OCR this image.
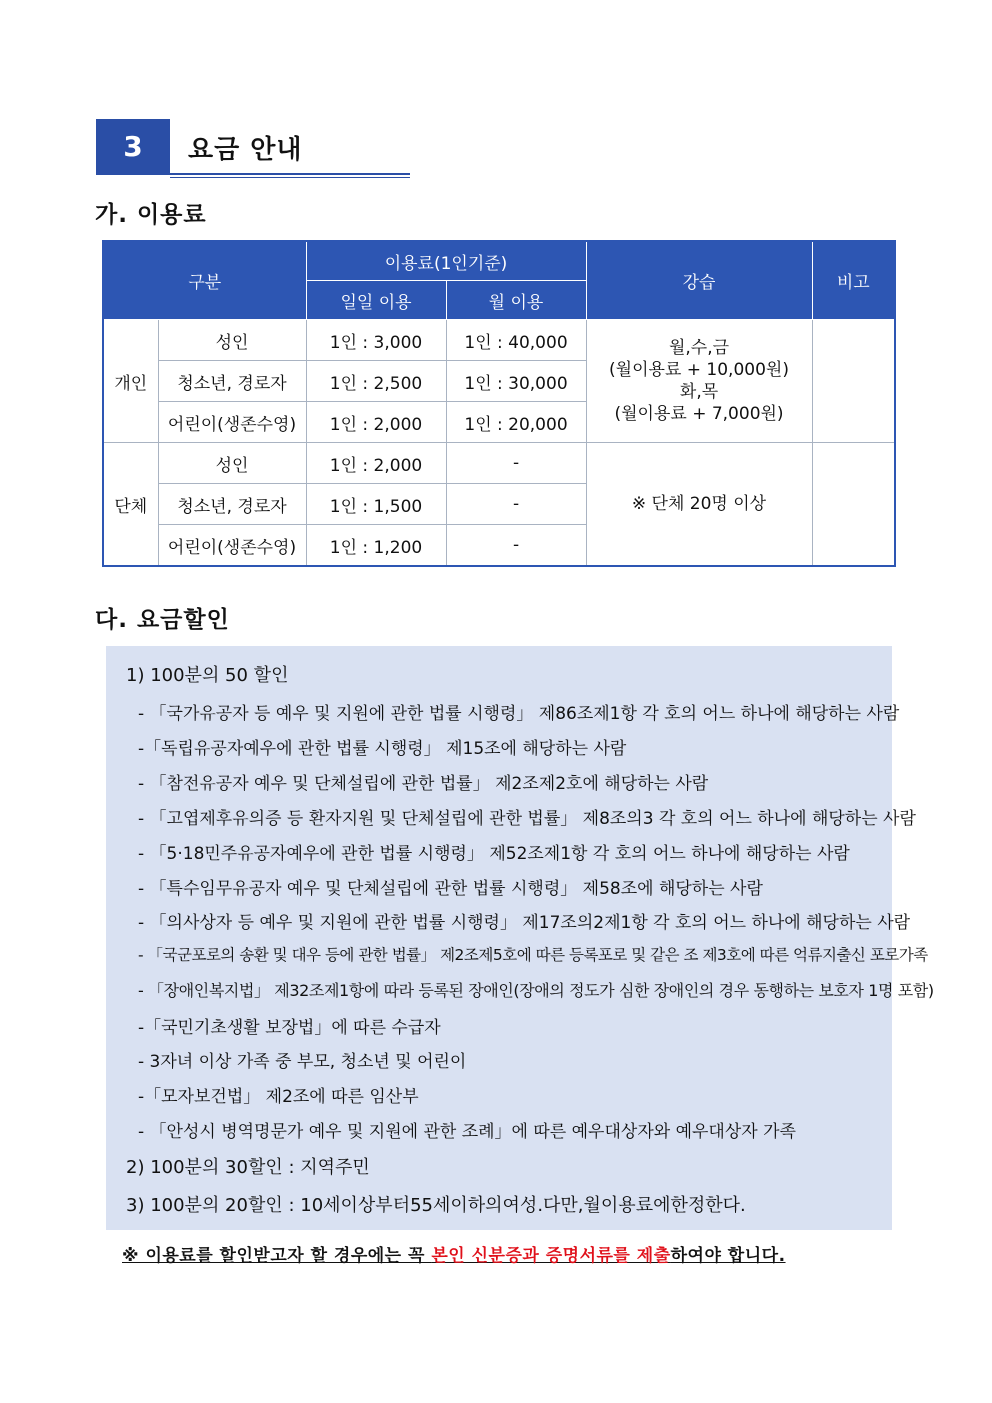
3	요금 안내
가. 이용료
구분		이용료(1인기준)		강습	비고
		일일 이용	월 이용		
개인	성인	1인 : 3,000	1인 : 40,000	월,수,금
(월이용료 + 10,000원)
화,목
(월이용료 + 7,000원)	

	청소년, 경로자	1인 : 2,500	1인 : 30,000		
	어린이(생존수영)	1인 : 2,000	1인 : 20,000		
단체	성인	1인 : 2,000	-	※ 단체 20명 이상	
	청소년, 경로자	1인 : 1,500	-		
	어린이(생존수영)	1인 : 1,200	-		
다. 요금할인
1) 100분의 50 할인
- 「국가유공자 등 예우 및 지원에 관한 법률 시행령」 제86조제1항 각 호의 어느 하나에 해당하는 사람
-「독립유공자예우에 관한 법률 시행령」 제15조에 해당하는 사람
- 「참전유공자 예우 및 단체설립에 관한 법률」 제2조제2호에 해당하는 사람
- 「고엽제후유의증 등 환자지원 및 단체설립에 관한 법률」 제8조의3 각 호의 어느 하나에 해당하는 사람
- 「5·18민주유공자예우에 관한 법률 시행령」 제52조제1항 각 호의 어느 하나에 해당하는 사람
- 「특수임무유공자 예우 및 단체설립에 관한 법률 시행령」 제58조에 해당하는 사람
- 「의사상자 등 예우 및 지원에 관한 법률 시행령」 제17조의2제1항 각 호의 어느 하나에 해당하는 사람
- 「국군포로의 송환 및 대우 등에 관한 법률」 제2조제5호에 따른 등록포로 및 같은 조 제3호에 따른 억류지출신 포로가족
- 「장애인복지법」 제32조제1항에 따라 등록된 장애인(장애의 정도가 심한 장애인의 경우 동행하는 보호자 1명 포함)
-「국민기초생활 보장법」에 따른 수급자
- 3자녀 이상 가족 중 부모, 청소년 및 어린이
-「모자보건법」 제2조에 따른 임산부
- 「안성시 병역명문가 예우 및 지원에 관한 조례」에 따른 예우대상자와 예우대상자 가족
2) 100분의 30할인 : 지역주민
3) 100분의 20할인 : 10세이상부터55세이하의여성.다만,월이용료에한정한다.
※ 이용료를 할인받고자 할 경우에는 꼭 본인 신분증과 증명서류를 제출하여야 합니다.
